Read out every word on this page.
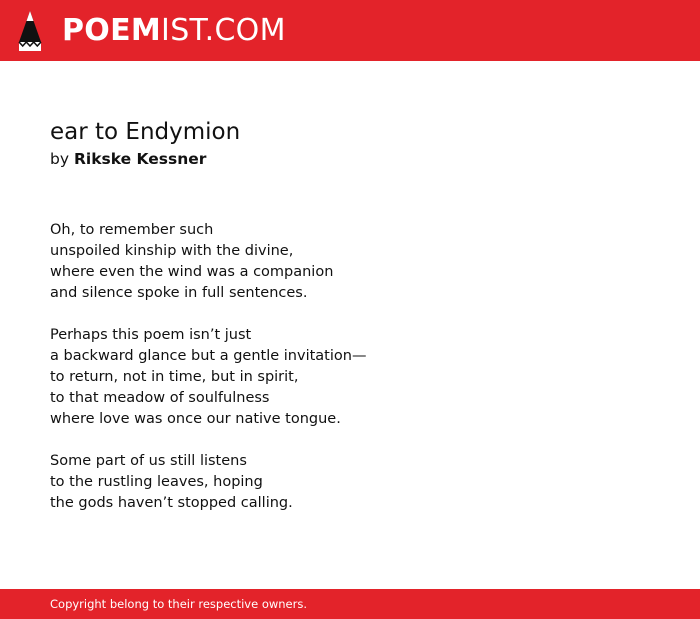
POEMIST.COM
ear to Endymion

by Rikske Kessner

Oh, to remember such
unspoiled kinship with the divine,
where even the wind was a companion
and silence spoke in full sentences.

Perhaps this poem isn’t just
a backward glance but a gentle invitation—
to return, not in time, but in spirit,
to that meadow of soulfulness
where love was once our native tongue.

Some part of us still listens
to the rustling leaves, hoping
the gods haven’t stopped calling.

Copyright belong to their respective owners.
